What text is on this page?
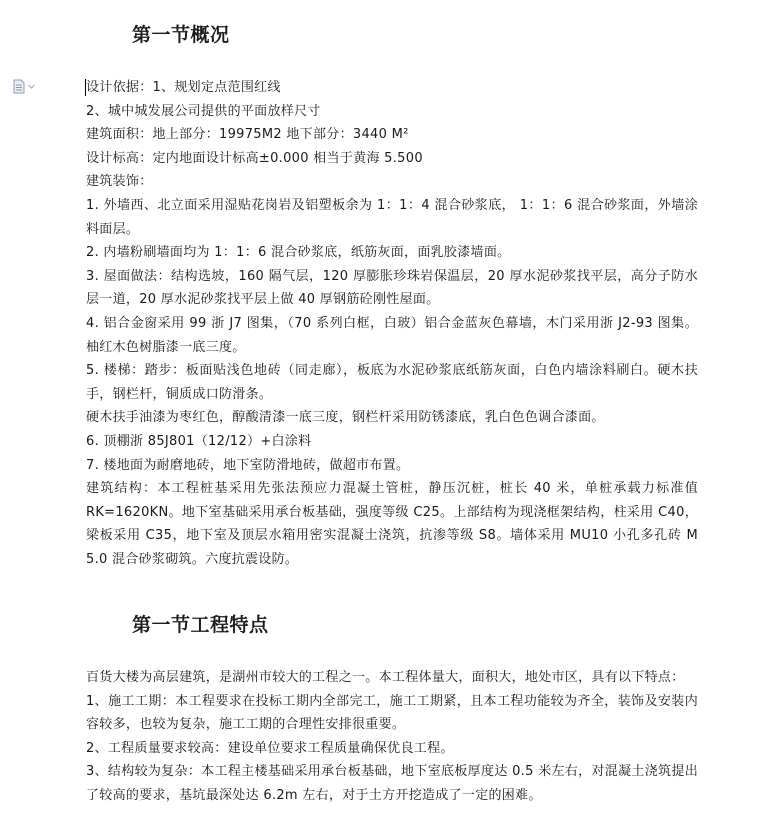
第一节概况

设计依据：1、规划定点范围红线

2、城中城发展公司提供的平面放样尺寸

建筑面积：地上部分：19975M2 地下部分：3440 M²

设计标高：定内地面设计标高±0.000 相当于黄海 5.500

建筑装饰：

1. 外墙西、北立面采用湿贴花岗岩及铝塑板余为 1：1：4 混合砂浆底， 1：1：6 混合砂浆面，外墙涂料面层。

2. 内墙粉刷墙面均为 1：1：6 混合砂浆底，纸筋灰面，面乳胶漆墙面。

3. 屋面做法：结构选坡，160 隔气层，120 厚膨胀珍珠岩保温层，20 厚水泥砂浆找平层，高分子防水层一道，20 厚水泥砂浆找平层上做 40 厚钢筋砼刚性屋面。

4. 铝合金窗采用 99 浙 J7 图集，（70 系列白框，白玻）铝合金蓝灰色幕墙，木门采用浙 J2-93 图集。柚红木色树脂漆一底三度。

5. 楼梯：踏步：板面贴浅色地砖（同走廊），板底为水泥砂浆底纸筋灰面，白色内墙涂料刷白。硬木扶手，钢栏杆，铜质成口防滑条。

硬木扶手油漆为枣红色，醇酸清漆一底三度，钢栏杆采用防锈漆底，乳白色色调合漆面。

6. 顶棚浙 85J801（12/12）+白涂料

7. 楼地面为耐磨地砖，地下室防滑地砖，做超市布置。

建筑结构：本工程桩基采用先张法预应力混凝土管桩，静压沉桩，桩长 40 米，单桩承载力标准值 RK=1620KN。地下室基础采用承台板基础，强度等级 C25。上部结构为现浇框架结构，柱采用 C40，梁板采用 C35，地下室及顶层水箱用密实混凝土浇筑，抗渗等级 S8。墙体采用 MU10 小孔多孔砖 M 5.0 混合砂浆砌筑。六度抗震设防。

第一节工程特点

百货大楼为高层建筑，是湖州市较大的工程之一。本工程体量大，面积大，地处市区，具有以下特点：

1、施工工期：本工程要求在投标工期内全部完工，施工工期紧，且本工程功能较为齐全，装饰及安装内容较多，也较为复杂，施工工期的合理性安排很重要。

2、工程质量要求较高：建设单位要求工程质量确保优良工程。

3、结构较为复杂：本工程主楼基础采用承台板基础，地下室底板厚度达 0.5 米左右，对混凝土浇筑提出了较高的要求，基坑最深处达 6.2m 左右，对于土方开挖造成了一定的困难。
